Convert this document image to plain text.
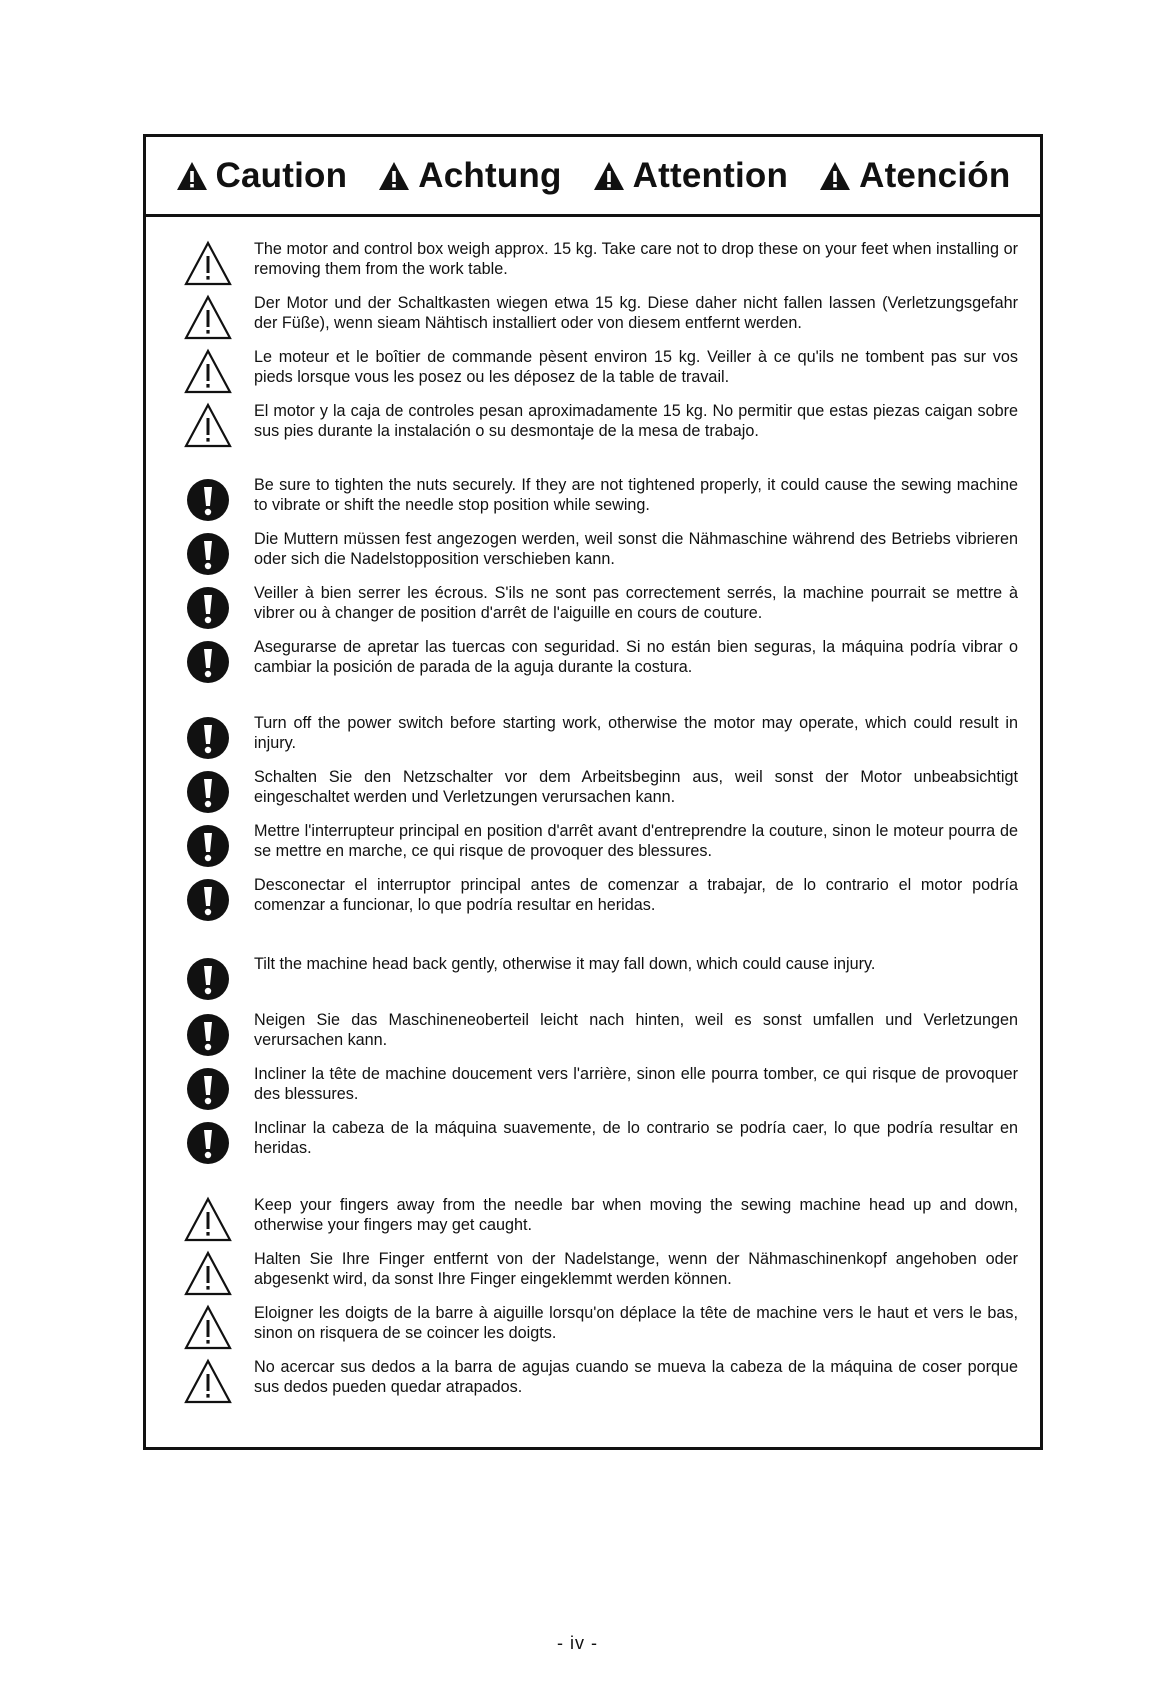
Caution Achtung Attention Atención
The motor and control box weigh approx. 15 kg. Take care not to drop these on your feet when installing or removing them from the work table.
Der Motor und der Schaltkasten wiegen etwa 15 kg. Diese daher nicht fallen lassen (Verletzungsgefahr der Füße), wenn sieam Nähtisch installiert oder von diesem entfernt werden.
Le moteur et le boîtier de commande pèsent environ 15 kg. Veiller à ce qu'ils ne tombent pas sur vos pieds lorsque vous les posez ou les déposez de la table de travail.
El motor y la caja de controles pesan aproximadamente 15 kg. No permitir que estas piezas caigan sobre sus pies durante la instalación o su desmontaje de la mesa de trabajo.
Be sure to tighten the nuts securely. If they are not tightened properly, it could cause the sewing machine to vibrate or shift the needle stop position while sewing.
Die Muttern müssen fest angezogen werden, weil sonst die Nähmaschine während des Betriebs vibrieren oder sich die Nadelstopposition verschieben kann.
Veiller à bien serrer les écrous. S'ils ne sont pas correctement serrés, la machine pourrait se mettre à vibrer ou à changer de position d'arrêt de l'aiguille en cours de couture.
Asegurarse de apretar las tuercas con seguridad. Si no están bien seguras, la máquina podría vibrar o cambiar la posición de parada de la aguja durante la costura.
Turn off the power switch before starting work, otherwise the motor may operate, which could result in injury.
Schalten Sie den Netzschalter vor dem Arbeitsbeginn aus, weil sonst der Motor unbeabsichtigt eingeschaltet werden und Verletzungen verursachen kann.
Mettre l'interrupteur principal en position d'arrêt avant d'entreprendre la couture, sinon le moteur pourra de se mettre en marche, ce qui risque de provoquer des blessures.
Desconectar el interruptor principal antes de comenzar a trabajar, de lo contrario el motor podría comenzar a funcionar, lo que podría resultar en heridas.
Tilt the machine head back gently, otherwise it may fall down, which could cause injury.
Neigen Sie das Maschineneoberteil leicht nach hinten, weil es sonst umfallen und Verletzungen verursachen kann.
Incliner la tête de machine doucement vers l'arrière, sinon elle pourra tomber, ce qui risque de provoquer des blessures.
Inclinar la cabeza de la máquina suavemente, de lo contrario se podría caer, lo que podría resultar en heridas.
Keep your fingers away from the needle bar when moving the sewing machine head up and down, otherwise your fingers may get caught.
Halten Sie Ihre Finger entfernt von der Nadelstange, wenn der Nähmaschinenkopf angehoben oder abgesenkt wird, da sonst Ihre Finger eingeklemmt werden können.
Eloigner les doigts de la barre à aiguille lorsqu'on déplace la tête de machine vers le haut et vers le bas, sinon on risquera de se coincer les doigts.
No acercar sus dedos a la barra de agujas cuando se mueva la cabeza de la máquina de coser porque sus dedos pueden quedar atrapados.
- iv -
